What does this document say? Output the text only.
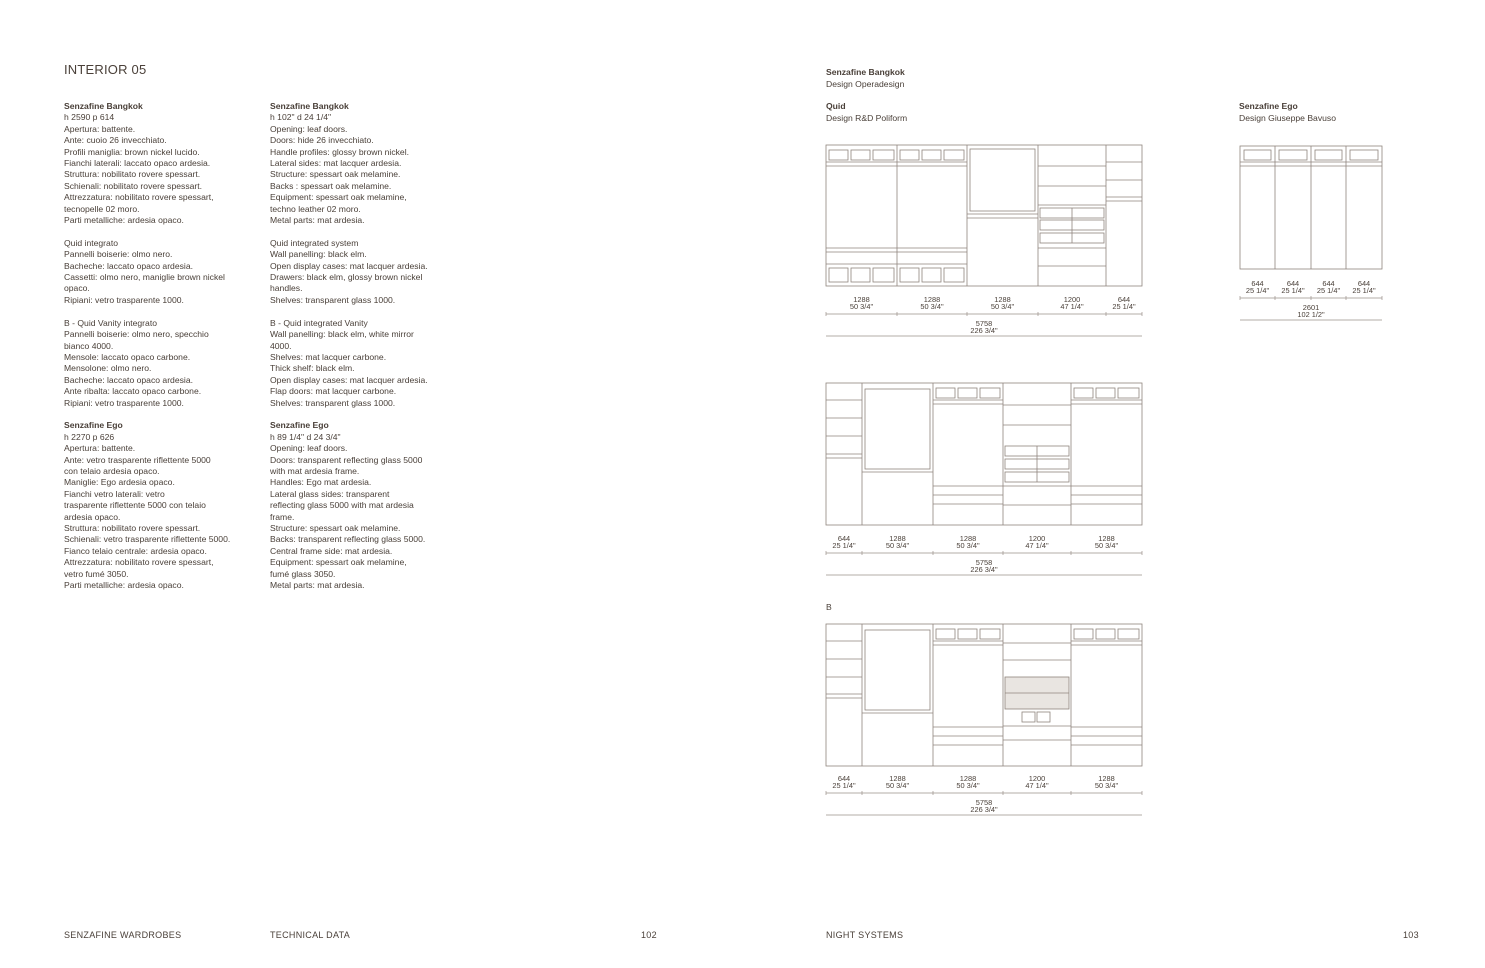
INTERIOR 05
Senzafine Bangkok
h 2590 p 614
Apertura: battente.
Ante: cuoio 26 invecchiato.
Profili maniglia: brown nickel lucido.
Fianchi laterali: laccato opaco ardesia.
Struttura: nobilitato rovere spessart.
Schienali: nobilitato rovere spessart.
Attrezzatura: nobilitato rovere spessart,
tecnopelle 02 moro.
Parti metalliche: ardesia opaco.
Quid integrato
Pannelli boiserie: olmo nero.
Bacheche: laccato opaco ardesia.
Cassetti: olmo nero, maniglie brown nickel
opaco.
Ripiani: vetro trasparente 1000.
B - Quid Vanity integrato
Pannelli boiserie: olmo nero, specchio
bianco 4000.
Mensole: laccato opaco carbone.
Mensolone: olmo nero.
Bacheche: laccato opaco ardesia.
Ante ribalta: laccato opaco carbone.
Ripiani: vetro trasparente 1000.
Senzafine Ego
h 2270 p 626
Apertura: battente.
Ante: vetro trasparente riflettente 5000
con telaio ardesia opaco.
Maniglie: Ego ardesia opaco.
Fianchi vetro laterali: vetro
trasparente riflettente 5000 con telaio
ardesia opaco.
Struttura: nobilitato rovere spessart.
Schienali: vetro trasparente riflettente 5000.
Fianco telaio centrale: ardesia opaco.
Attrezzatura: nobilitato rovere spessart,
vetro fumé 3050.
Parti metalliche: ardesia opaco.
Senzafine Bangkok
h 102" d 24 1/4"
Opening: leaf doors.
Doors: hide 26 invecchiato.
Handle profiles: glossy brown nickel.
Lateral sides: mat lacquer ardesia.
Structure: spessart oak melamine.
Backs : spessart oak melamine.
Equipment: spessart oak melamine,
techno leather 02 moro.
Metal parts: mat ardesia.
Quid integrated system
Wall panelling: black elm.
Open display cases: mat lacquer ardesia.
Drawers: black elm, glossy brown nickel
handles.
Shelves: transparent glass 1000.
B - Quid integrated Vanity
Wall panelling: black elm, white mirror
4000.
Shelves: mat lacquer carbone.
Thick shelf: black elm.
Open display cases: mat lacquer ardesia.
Flap doors: mat lacquer carbone.
Shelves: transparent glass 1000.
Senzafine Ego
h 89 1/4" d 24 3/4"
Opening: leaf doors.
Doors: transparent reflecting glass 5000
with mat ardesia frame.
Handles: Ego mat ardesia.
Lateral glass sides: transparent
reflecting glass 5000 with mat ardesia
frame.
Structure: spessart oak melamine.
Backs: transparent reflecting glass 5000.
Central frame side: mat ardesia.
Equipment: spessart oak melamine,
fumé glass 3050.
Metal parts: mat ardesia.
Senzafine Bangkok
Design Operadesign
Quid
Design R&D Poliform
Senzafine Ego
Design Giuseppe Bavuso
B
1288
50 3/4"
1288
50 3/4"
1288
50 3/4"
1200
47 1/4"
644
25 1/4"
5758
226 3/4"
644
25 1/4"
1288
50 3/4"
1288
50 3/4"
1200
47 1/4"
1288
50 3/4"
5758
226 3/4"
644
25 1/4"
1288
50 3/4"
1288
50 3/4"
1200
47 1/4"
1288
50 3/4"
5758
226 3/4"
644
25 1/4"
644
25 1/4"
644
25 1/4"
644
25 1/4"
2601
102 1/2"
SENZAFINE WARDROBES	TECHNICAL DATA	102	NIGHT SYSTEMS	103
